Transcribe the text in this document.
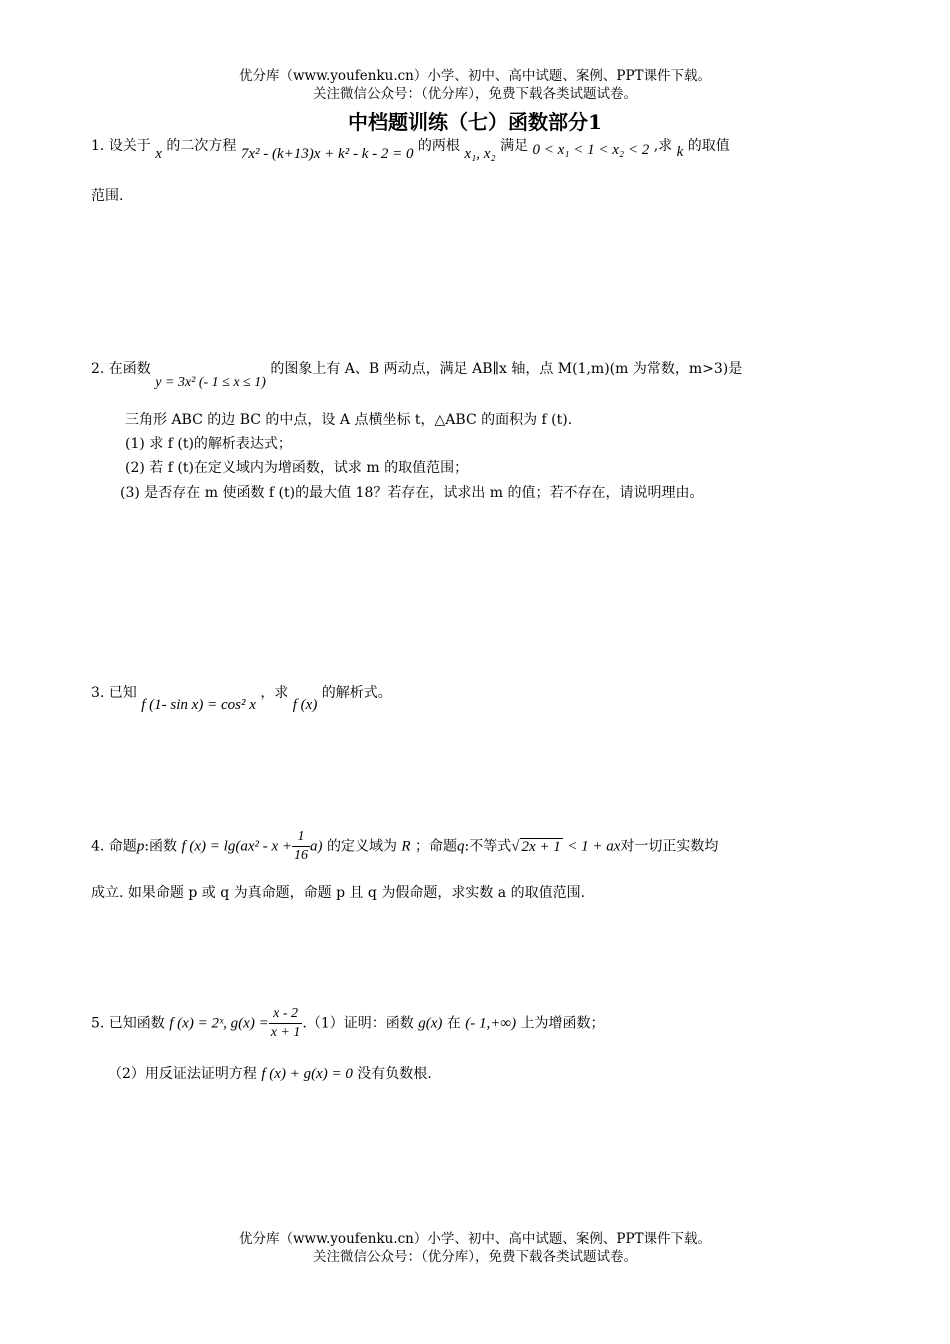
优分库（www.youfenku.cn）小学、初中、高中试题、案例、PPT课件下载。
关注微信公众号：（优分库），免费下载各类试题试卷。
中档题训练（七）函数部分1
1. 设关于 x 的二次方程 7x² - (k+13)x + k² - k - 2 = 0 的两根 x₁, x₂ 满足 0 < x₁ < 1 < x₂ < 2 ,求 k 的取值
范围.
2. 在函数 y = 3x² (- 1 ≤ x ≤ 1) 的图象上有 A、B 两动点，满足 AB∥x 轴，点 M(1,m)(m 为常数，m>3)是
三角形 ABC 的边 BC 的中点，设 A 点横坐标 t，△ABC 的面积为 f (t).
(1) 求 f (t)的解析表达式；
(2) 若 f (t)在定义域内为增函数，试求 m 的取值范围；
(3) 是否存在 m 使函数 f (t)的最大值 18？若存在，试求出 m 的值；若不存在，请说明理由。
3. 已知 f (1- sin x) = cos² x ，求 f (x) 的解析式。
4. 命题p:函数 f $(x) = \lg(ax^2 - x + \frac{1}{16} a)$ 的定义域为 R ；命题q:不等式√ 2x + 1 < 1 + ax对一切正实数均
成立. 如果命题 p 或 q 为真命题，命题 p 且 q 为假命题，求实数 a 的取值范围.
5. 已知函数 f (x) = 2ˣ, $g(x) = \frac{x - 2}{x + 1} .(1)$证明：函数 g(x) 在 (- 1,+∞) 上为增函数；
（2）用反证法证明方程 f (x) + g(x) = 0 没有负数根.
优分库（www.youfenku.cn）小学、初中、高中试题、案例、PPT课件下载。
关注微信公众号：（优分库），免费下载各类试题试卷。
